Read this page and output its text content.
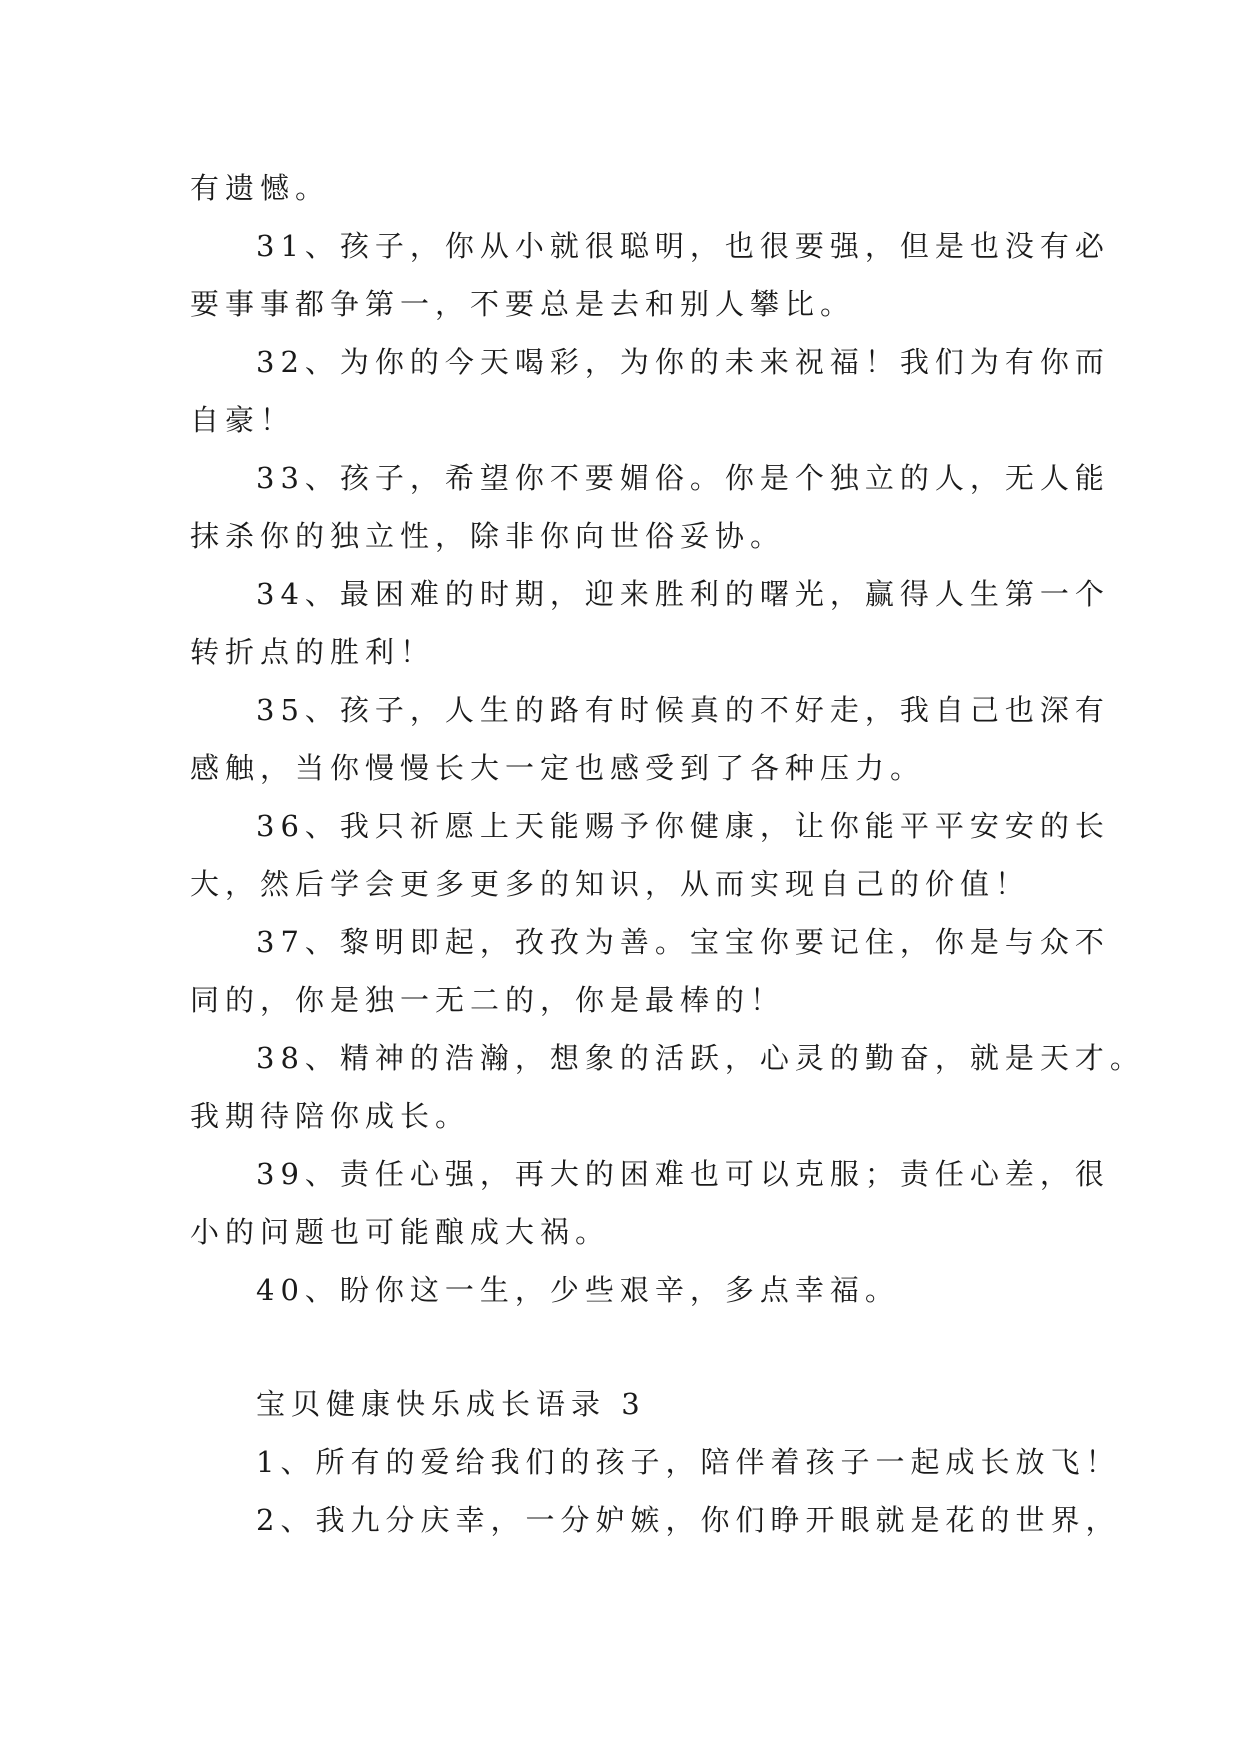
有遗憾。

31、孩子，你从小就很聪明，也很要强，但是也没有必

要事事都争第一，不要总是去和别人攀比。

32、为你的今天喝彩，为你的未来祝福！我们为有你而

自豪！

33、孩子，希望你不要媚俗。你是个独立的人，无人能

抹杀你的独立性，除非你向世俗妥协。

34、最困难的时期，迎来胜利的曙光，赢得人生第一个

转折点的胜利！

35、孩子，人生的路有时候真的不好走，我自己也深有

感触，当你慢慢长大一定也感受到了各种压力。

36、我只祈愿上天能赐予你健康，让你能平平安安的长

大，然后学会更多更多的知识，从而实现自己的价值！

37、黎明即起，孜孜为善。宝宝你要记住，你是与众不

同的，你是独一无二的，你是最棒的！

38、精神的浩瀚，想象的活跃，心灵的勤奋，就是天才。

我期待陪你成长。

39、责任心强，再大的困难也可以克服；责任心差，很

小的问题也可能酿成大祸。

40、盼你这一生，少些艰辛，多点幸福。

宝贝健康快乐成长语录 3

1、所有的爱给我们的孩子，陪伴着孩子一起成长放飞！

2、我九分庆幸，一分妒嫉，你们睁开眼就是花的世界，
